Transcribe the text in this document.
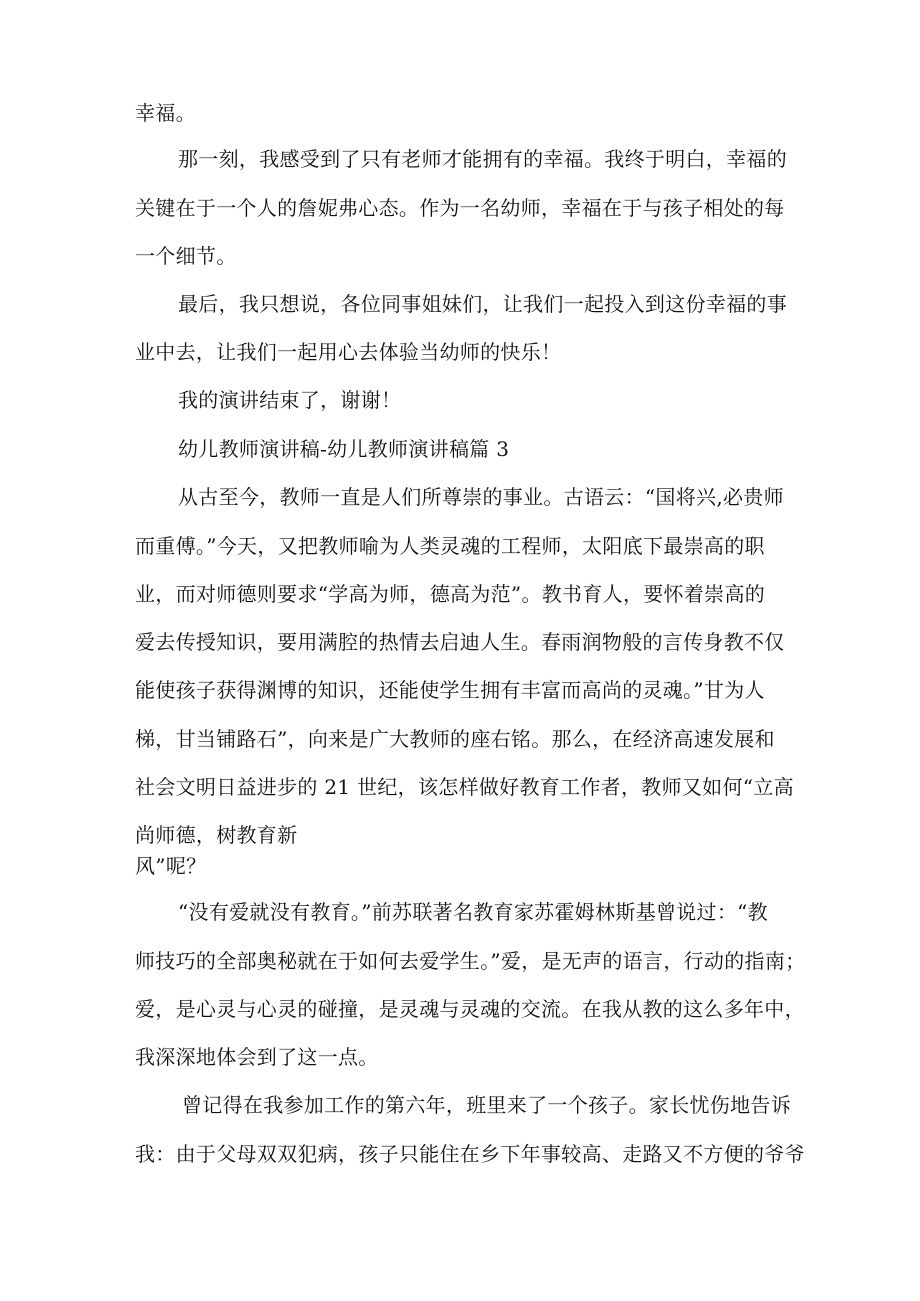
幸福。
那一刻，我感受到了只有老师才能拥有的幸福。我终于明白，幸福的
关键在于一个人的詹妮弗心态。作为一名幼师，幸福在于与孩子相处的每
一个细节。
最后，我只想说，各位同事姐妹们，让我们一起投入到这份幸福的事
业中去，让我们一起用心去体验当幼师的快乐！
我的演讲结束了，谢谢！
幼儿教师演讲稿-幼儿教师演讲稿篇 3
从古至今，教师一直是人们所尊崇的事业。古语云：“国将兴,必贵师
而重傅。”今天，又把教师喻为人类灵魂的工程师，太阳底下最崇高的职
业，而对师德则要求“学高为师，德高为范”。教书育人，要怀着崇高的
爱去传授知识，要用满腔的热情去启迪人生。春雨润物般的言传身教不仅
能使孩子获得渊博的知识，还能使学生拥有丰富而高尚的灵魂。”甘为人
梯，甘当铺路石”，向来是广大教师的座右铭。那么，在经济高速发展和
社会文明日益进步的 21 世纪，该怎样做好教育工作者，教师又如何“立高
尚师德，树教育新
风”呢？
“没有爱就没有教育。”前苏联著名教育家苏霍姆林斯基曾说过：“教
师技巧的全部奥秘就在于如何去爱学生。”爱，是无声的语言，行动的指南；
爱，是心灵与心灵的碰撞，是灵魂与灵魂的交流。在我从教的这么多年中，
我深深地体会到了这一点。
曾记得在我参加工作的第六年，班里来了一个孩子。家长忧伤地告诉
我：由于父母双双犯病，孩子只能住在乡下年事较高、走路又不方便的爷爷
